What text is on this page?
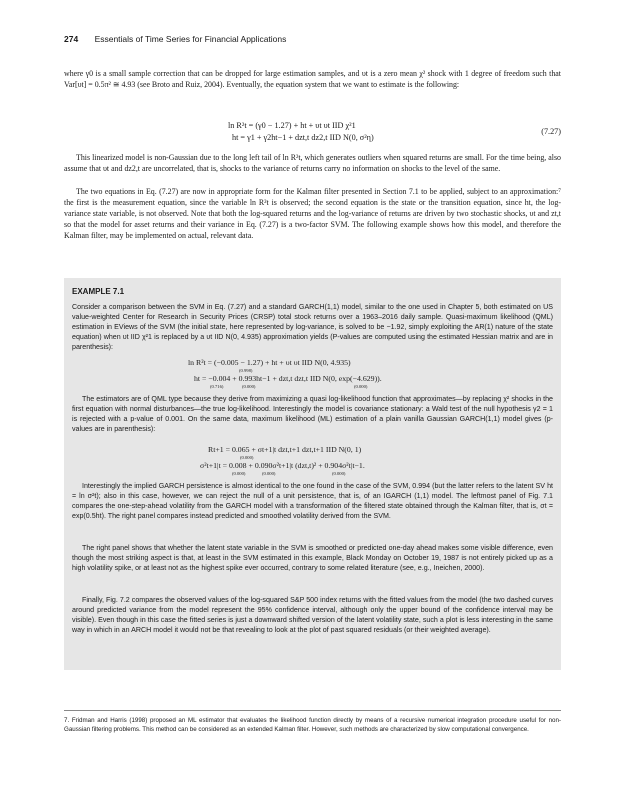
274 Essentials of Time Series for Financial Applications
where γ0 is a small sample correction that can be dropped for large estimation samples, and υt is a zero mean χ² shock with 1 degree of freedom such that Var[υt] = 0.5π² ≅ 4.93 (see Broto and Ruiz, 2004). Eventually, the equation system that we want to estimate is the following:
ln R²t = (γ0 − 1.27) + ht + υt υt IID χ²1
ht = γ1 + γ2ht−1 + dzt,t dz2,t IID N(0, σ²η)
(7.27)
This linearized model is non-Gaussian due to the long left tail of ln R²t, which generates outliers when squared returns are small. For the time being, also assume that υt and dz2,t are uncorrelated, that is, shocks to the variance of returns carry no information on shocks to the level of the same.
The two equations in Eq. (7.27) are now in appropriate form for the Kalman filter presented in Section 7.1 to be applied, subject to an approximation:⁷ the first is the measurement equation, since the variable ln R²t is observed; the second equation is the state or the transition equation, since ht, the log-variance state variable, is not observed. Note that both the log-squared returns and the log-variance of returns are driven by two stochastic shocks, υt and zt,t so that the model for asset returns and their variance in Eq. (7.27) is a two-factor SVM. The following example shows how this model, and therefore the Kalman filter, may be implemented on actual, relevant data.
EXAMPLE 7.1
Consider a comparison between the SVM in Eq. (7.27) and a standard GARCH(1,1) model, similar to the one used in Chapter 5, both estimated on US value-weighted Center for Research in Security Prices (CRSP) total stock returns over a 1963–2016 daily sample. Quasi-maximum likelihood (QML) estimation in EViews of the SVM (the initial state, here represented by log-variance, is solved to be −1.92, simply exploiting the AR(1) nature of the state equation) when υt IID χ²1 is replaced by a υt IID N(0, 4.935) approximation yields (P-values are computed using the estimated Hessian matrix and are in parenthesis):
ln R²t = (−0.005 − 1.27) + ht + υt υt IID N(0, 4.935)
(0.998)
ht = −0.004 + 0.993ht−1 + dzt,t dzt,t IID N(0, exp(−4.629)).
(0.716)	(0.000)	(0.000)
The estimators are of QML type because they derive from maximizing a quasi log-likelihood function that approximates—by replacing χ² shocks in the first equation with normal disturbances—the true log-likelihood. Interestingly the model is covariance stationary: a Wald test of the null hypothesis γ2 = 1 is rejected with a p-value of 0.001. On the same data, maximum likelihood (ML) estimation of a plain vanilla Gaussian GARCH(1,1) model gives (p-values are in parenthesis):
Rt+1 = 0.065 + σt+1|t dzt,t+1 dzt,t+1 IID N(0, 1)
(0.000)
σ²t+1|t = 0.008 + 0.090σ²t+1|t (dzt,t)² + 0.904σ²t|t−1.
(0.000)	(0.000)	(0.000)
Interestingly the implied GARCH persistence is almost identical to the one found in the case of the SVM, 0.994 (but the latter refers to the latent SV ht = ln σ²t); also in this case, however, we can reject the null of a unit persistence, that is, of an IGARCH (1,1) model. The leftmost panel of Fig. 7.1 compares the one-step-ahead volatility from the GARCH model with a transformation of the filtered state obtained through the Kalman filter, that is, σt = exp(0.5ht). The right panel compares instead predicted and smoothed volatility derived from the SVM.
The right panel shows that whether the latent state variable in the SVM is smoothed or predicted one-day ahead makes some visible difference, even though the most striking aspect is that, at least in the SVM estimated in this example, Black Monday on October 19, 1987 is not entirely picked up as a high volatility spike, or at least not as the highest spike ever occurred, contrary to some related literature (see, e.g., Ineichen, 2000).
Finally, Fig. 7.2 compares the observed values of the log-squared S&P 500 index returns with the fitted values from the model (the two dashed curves around predicted variance from the model represent the 95% confidence interval, although only the upper bound of the confidence interval may be visible). Even though in this case the fitted series is just a downward shifted version of the latent volatility state, such a plot is less interesting in the same way in which in an ARCH model it would not be that revealing to look at the plot of past squared residuals (or their weighted average).
7. Fridman and Harris (1998) proposed an ML estimator that evaluates the likelihood function directly by means of a recursive numerical integration procedure useful for non-Gaussian filtering problems. This method can be considered as an extended Kalman filter. However, such methods are characterized by slow computational convergence.
